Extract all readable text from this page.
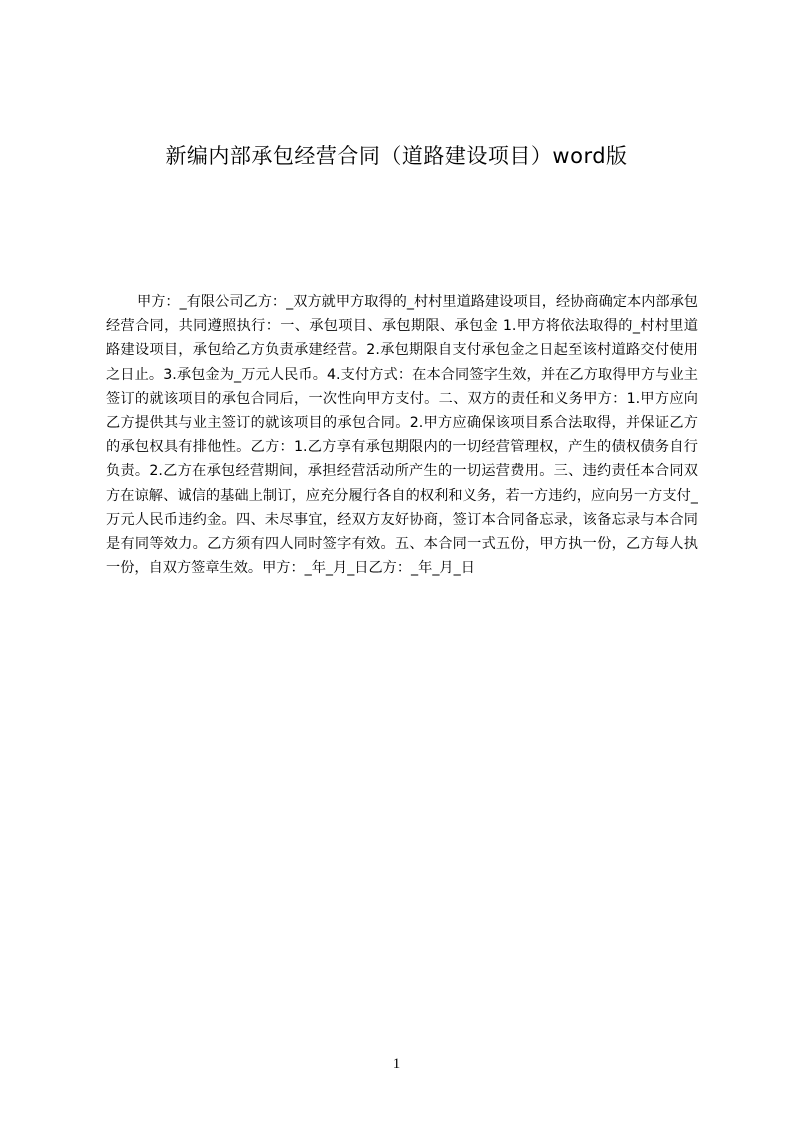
新编内部承包经营合同（道路建设项目）word版

甲方：_有限公司乙方：_双方就甲方取得的_村村里道路建设项目，经协商确定本内部承包经营合同，共同遵照执行：一、承包项目、承包期限、承包金 1.甲方将依法取得的_村村里道路建设项目，承包给乙方负责承建经营。2.承包期限自支付承包金之日起至该村道路交付使用之日止。3.承包金为_万元人民币。4.支付方式：在本合同签字生效，并在乙方取得甲方与业主签订的就该项目的承包合同后，一次性向甲方支付。二、双方的责任和义务甲方：1.甲方应向乙方提供其与业主签订的就该项目的承包合同。2.甲方应确保该项目系合法取得，并保证乙方的承包权具有排他性。乙方：1.乙方享有承包期限内的一切经营管理权，产生的债权债务自行负责。2.乙方在承包经营期间，承担经营活动所产生的一切运营费用。三、违约责任本合同双方在谅解、诚信的基础上制订，应充分履行各自的权利和义务，若一方违约，应向另一方支付_万元人民币违约金。四、未尽事宜，经双方友好协商，签订本合同备忘录，该备忘录与本合同是有同等效力。乙方须有四人同时签字有效。五、本合同一式五份，甲方执一份，乙方每人执一份，自双方签章生效。甲方：_年_月_日乙方：_年_月_日

1
